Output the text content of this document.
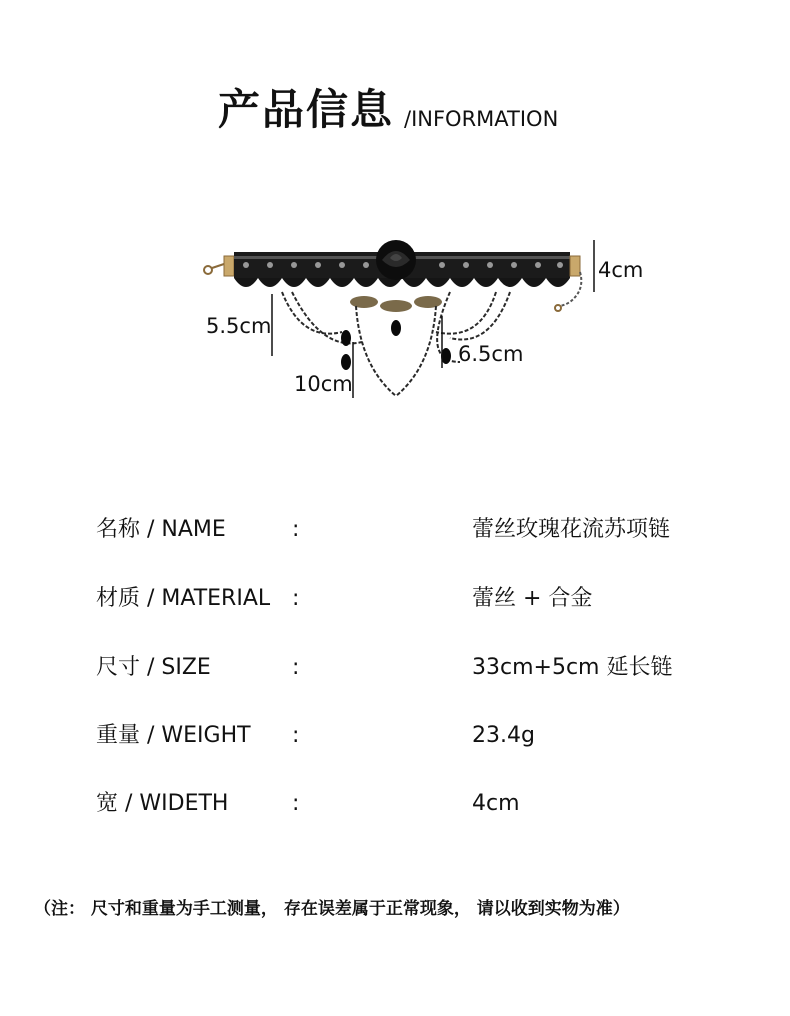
产品信息 /INFORMATION
4cm
5.5cm
10cm
6.5cm
名称 / NAME	:	蕾丝玫瑰花流苏项链
材质 / MATERIAL :	蕾丝 + 合金
尺寸 / SIZE	:	33cm+5cm 延长链
重量 / WEIGHT :	23.4g
宽 / WIDETH	:	4cm
（注： 尺寸和重量为手工测量， 存在误差属于正常现象， 请以收到实物为准）
